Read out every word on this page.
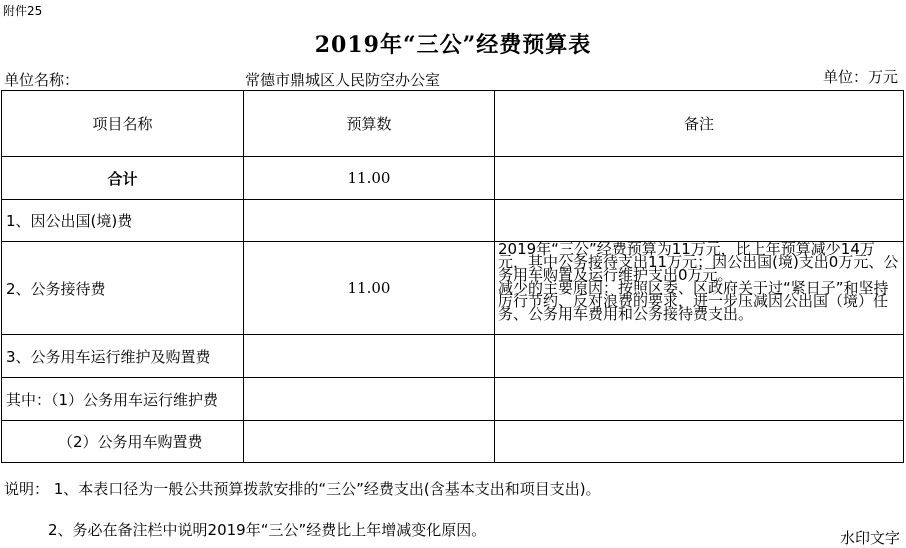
附件25
2019年“三公”经费预算表
单位名称：	常德市鼎城区人民防空办公室	单位：万元
项目名称	预算数	备注
合计	11.00	
1、因公出国(境)费		
2、公务接待费	11.00	2019年“三公”经费预算为11万元，比上年预算减少14万元，其中公务接待支出11万元；因公出国(境)支出0万元、公务用车购置及运行维护支出0万元。

减少的主要原因：按照区委、区政府关于过“紧日子”和坚持厉行节约、反对浪费的要求，进一步压减因公出国（境）任务、公务用车费用和公务接待费支出。

3、公务用车运行维护及购置费		
其中：（1）公务用车运行维护费		
（2）公务用车购置费		
说明： 1、本表口径为一般公共预算拨款安排的“三公”经费支出(含基本支出和项目支出)。
2、务必在备注栏中说明2019年“三公”经费比上年增减变化原因。	水印文字
